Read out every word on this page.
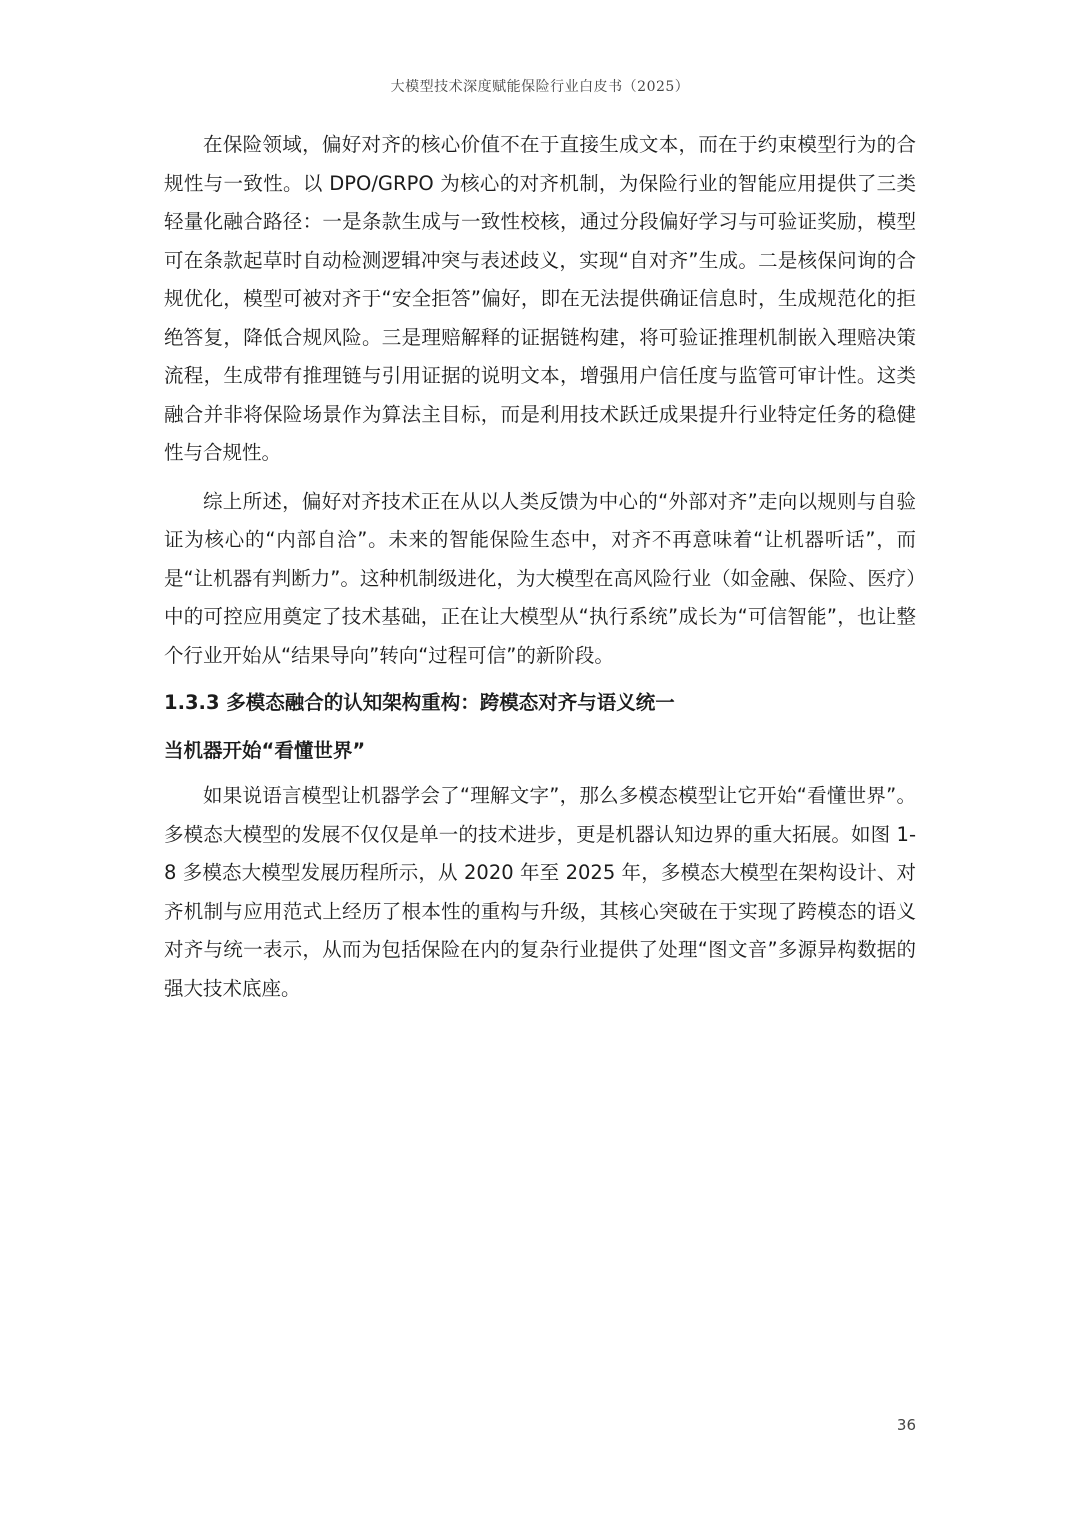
大模型技术深度赋能保险行业白皮书（2025）

在保险领域，偏好对齐的核心价值不在于直接生成文本，而在于约束模型行为的合规性与一致性。以 DPO/GRPO 为核心的对齐机制，为保险行业的智能应用提供了三类轻量化融合路径：一是条款生成与一致性校核，通过分段偏好学习与可验证奖励，模型可在条款起草时自动检测逻辑冲突与表述歧义，实现“自对齐”生成。二是核保问询的合规优化，模型可被对齐于“安全拒答”偏好，即在无法提供确证信息时，生成规范化的拒绝答复，降低合规风险。三是理赔解释的证据链构建，将可验证推理机制嵌入理赔决策流程，生成带有推理链与引用证据的说明文本，增强用户信任度与监管可审计性。这类融合并非将保险场景作为算法主目标，而是利用技术跃迁成果提升行业特定任务的稳健性与合规性。

综上所述，偏好对齐技术正在从以人类反馈为中心的“外部对齐”走向以规则与自验证为核心的“内部自洽”。未来的智能保险生态中，对齐不再意味着“让机器听话”，而是“让机器有判断力”。这种机制级进化，为大模型在高风险行业（如金融、保险、医疗）中的可控应用奠定了技术基础，正在让大模型从“执行系统”成长为“可信智能”，也让整个行业开始从“结果导向”转向“过程可信”的新阶段。

1.3.3 多模态融合的认知架构重构：跨模态对齐与语义统一
当机器开始“看懂世界”

如果说语言模型让机器学会了“理解文字”，那么多模态模型让它开始“看懂世界”。多模态大模型的发展不仅仅是单一的技术进步，更是机器认知边界的重大拓展。如图 1-8 多模态大模型发展历程所示，从 2020 年至 2025 年，多模态大模型在架构设计、对齐机制与应用范式上经历了根本性的重构与升级，其核心突破在于实现了跨模态的语义对齐与统一表示，从而为包括保险在内的复杂行业提供了处理“图文音”多源异构数据的强大技术底座。

36
